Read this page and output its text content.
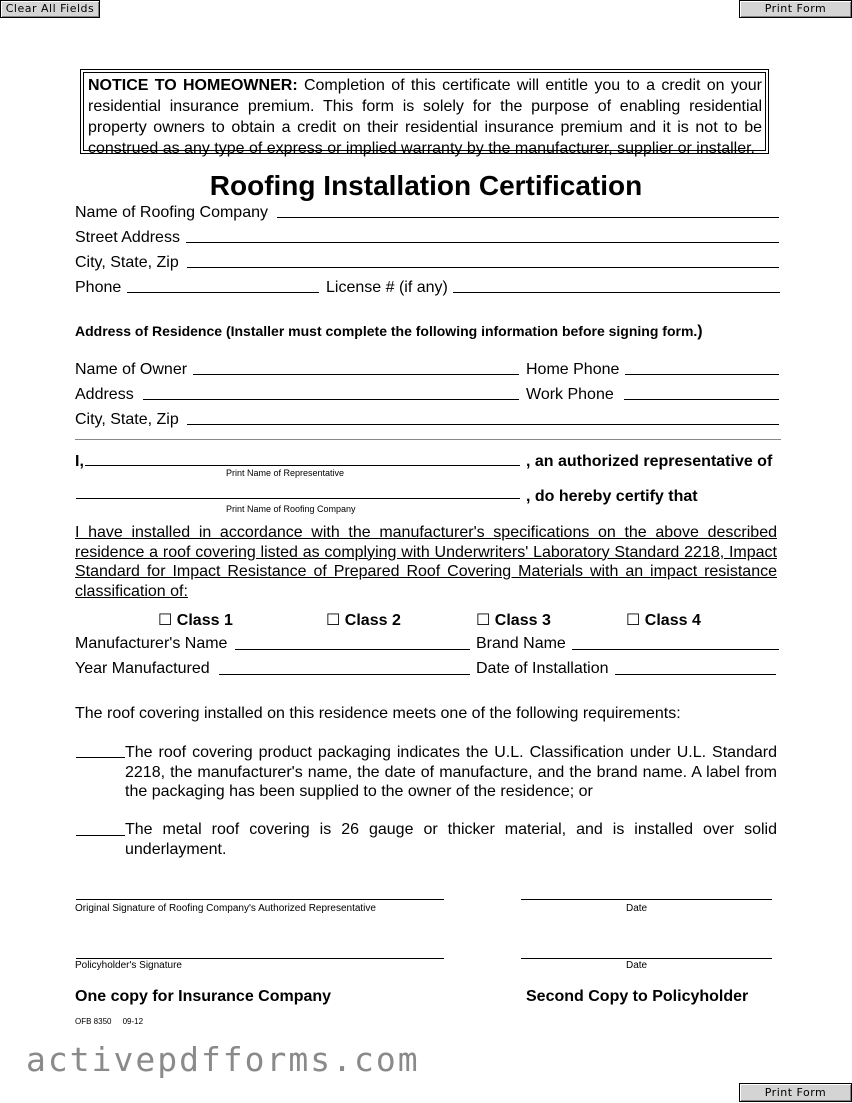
Clear All Fields	Print Form
NOTICE TO HOMEOWNER: Completion of this certificate will entitle you to a credit on your residential insurance premium. This form is solely for the purpose of enabling residential property owners to obtain a credit on their residential insurance premium and it is not to be construed as any type of express or implied warranty by the manufacturer, supplier or installer.
Roofing Installation Certification
Name of Roofing Company
Street Address
City, State, Zip
Phone	License # (if any)
Address of Residence (Installer must complete the following information before signing form.)
Name of Owner	Home Phone
Address	Work Phone
City, State, Zip
I,	, an authorized representative of
Print Name of Representative
, do hereby certify that
Print Name of Roofing Company
I have installed in accordance with the manufacturer's specifications on the above described residence a roof covering listed as complying with Underwriters' Laboratory Standard 2218, Impact Standard for Impact Resistance of Prepared Roof Covering Materials with an impact resistance classification of:
☐ Class 1	☐ Class 2	☐ Class 3	☐ Class 4
Manufacturer's Name	Brand Name
Year Manufactured	Date of Installation
The roof covering installed on this residence meets one of the following requirements:
The roof covering product packaging indicates the U.L. Classification under U.L. Standard 2218, the manufacturer's name, the date of manufacture, and the brand name. A label from the packaging has been supplied to the owner of the residence; or
The metal roof covering is 26 gauge or thicker material, and is installed over solid underlayment.
Original Signature of Roofing Company's Authorized Representative	Date
Policyholder's Signature	Date
One copy for Insurance Company	Second Copy to Policyholder
OFB 8350     09-12
activepdfforms.com
Print Form
